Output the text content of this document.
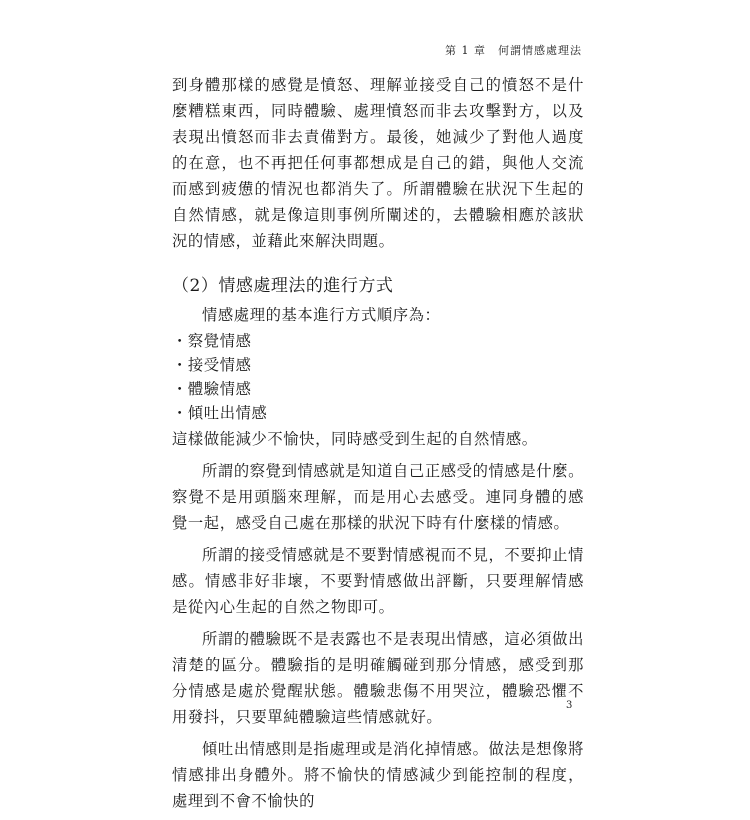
第 1 章　何謂情感處理法

到身體那樣的感覺是憤怒、理解並接受自己的憤怒不是什麼糟糕東西，同時體驗、處理憤怒而非去攻擊對方，以及表現出憤怒而非去責備對方。最後，她減少了對他人過度的在意，也不再把任何事都想成是自己的錯，與他人交流而感到疲憊的情況也都消失了。所謂體驗在狀況下生起的自然情感，就是像這則事例所闡述的，去體驗相應於該狀況的情感，並藉此來解決問題。

（2）情感處理法的進行方式

情感處理的基本進行方式順序為：

・ 察覺情感
・ 接受情感
・ 體驗情感
・ 傾吐出情感

這樣做能減少不愉快，同時感受到生起的自然情感。

所謂的察覺到情感就是知道自己正感受的情感是什麼。察覺不是用頭腦來理解，而是用心去感受。連同身體的感覺一起，感受自己處在那樣的狀況下時有什麼樣的情感。

所謂的接受情感就是不要對情感視而不見，不要抑止情感。情感非好非壞，不要對情感做出評斷，只要理解情感是從內心生起的自然之物即可。

所謂的體驗既不是表露也不是表現出情感，這必須做出清楚的區分。體驗指的是明確觸碰到那分情感，感受到那分情感是處於覺醒狀態。體驗悲傷不用哭泣，體驗恐懼不用發抖，只要單純體驗這些情感就好。

傾吐出情感則是指處理或是消化掉情感。做法是想像將情感排出身體外。將不愉快的情感減少到能控制的程度，處理到不會不愉快的

3
